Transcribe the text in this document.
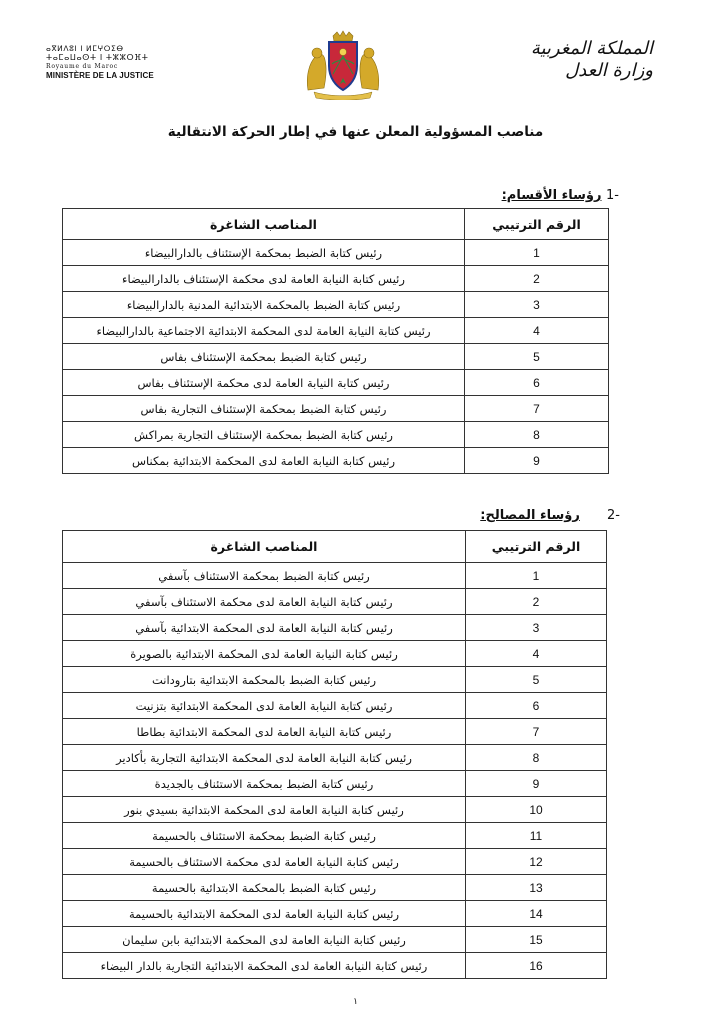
ⴰⴳⵍⴷⵓⵏ ⵏ ⵍⵎⵖⵔⵉⴱ
ⵜⴰⵎⴰⵡⴰⵙⵜ ⵏ ⵜⵣⵣⵔⴼⵜ
Royaume du Maroc
MINISTÈRE DE LA JUSTICE
المملكة المغربية
وزارة العدل
مناصب المسؤولية المعلن عنها في إطار الحركة الانتقالية
-1 رؤساء الأقسام:
الرقم الترتيبي	المناصب الشاغرة
1	رئيس كتابة الضبط بمحكمة الإستئناف بالدارالبيضاء
2	رئيس كتابة النيابة العامة لدى محكمة الإستئناف بالدارالبيضاء
3	رئيس كتابة الضبط بالمحكمة الابتدائية المدنية بالدارالبيضاء
4	رئيس كتابة النيابة العامة لدى المحكمة الابتدائية الاجتماعية بالدارالبيضاء
5	رئيس كتابة الضبط بمحكمة الإستئناف بفاس
6	رئيس كتابة النيابة العامة لدى محكمة الإستئناف بفاس
7	رئيس كتابة الضبط بمحكمة الإستئناف التجارية بفاس
8	رئيس كتابة الضبط بمحكمة الإستئناف التجارية بمراكش
9	رئيس كتابة النيابة العامة لدى المحكمة الابتدائية بمكناس
-2      رؤساء المصالح:
الرقم الترتيبي	المناصب الشاغرة
1	رئيس كتابة الضبط بمحكمة الاستئناف بآسفي
2	رئيس كتابة النيابة العامة لدى محكمة الاستئناف بآسفي
3	رئيس كتابة النيابة العامة لدى المحكمة الابتدائية بآسفي
4	رئيس كتابة النيابة العامة لدى المحكمة الابتدائية بالصويرة
5	رئيس كتابة الضبط بالمحكمة الابتدائية بتارودانت
6	رئيس كتابة النيابة العامة لدى المحكمة الابتدائية بتزنيت
7	رئيس كتابة النيابة العامة لدى المحكمة الابتدائية بطاطا
8	رئيس كتابة النيابة العامة لدى المحكمة الابتدائية التجارية بأكادير
9	رئيس كتابة الضبط بمحكمة الاستئناف بالجديدة
10	رئيس كتابة النيابة العامة لدى المحكمة الابتدائية بسيدي بنور
11	رئيس كتابة الضبط بمحكمة الاستئناف بالحسيمة
12	رئيس كتابة النيابة العامة لدى محكمة الاستئناف بالحسيمة
13	رئيس كتابة الضبط بالمحكمة الابتدائية بالحسيمة
14	رئيس كتابة النيابة العامة لدى المحكمة الابتدائية بالحسيمة
15	رئيس كتابة النيابة العامة لدى المحكمة الابتدائية بابن سليمان
16	رئيس كتابة النيابة العامة لدى المحكمة الابتدائية التجارية بالدار البيضاء
١
